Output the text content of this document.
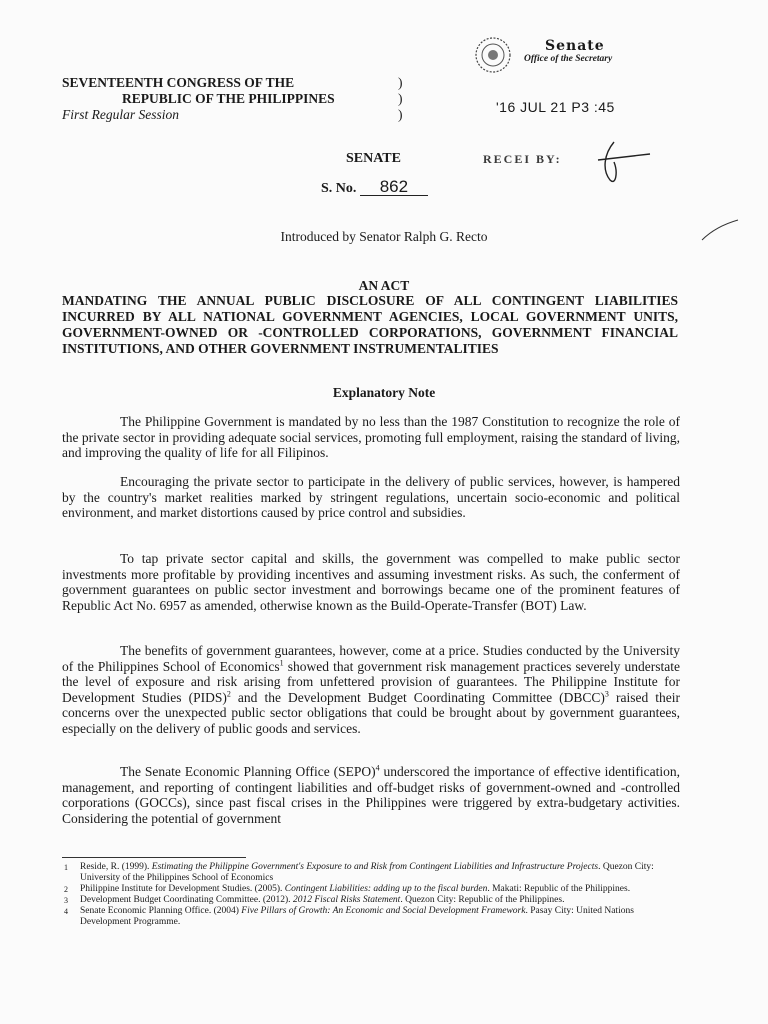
SEVENTEENTH CONGRESS OF THE
REPUBLIC OF THE PHILIPPINES
First Regular Session
)
)
)
Senate
Office of the Secretary
'16 JUL 21 P3 :45
RECEI BY:
SENATE
S. No. 862
Introduced by Senator Ralph G. Recto
AN ACT
MANDATING THE ANNUAL PUBLIC DISCLOSURE OF ALL CONTINGENT LIABILITIES INCURRED BY ALL NATIONAL GOVERNMENT AGENCIES, LOCAL GOVERNMENT UNITS, GOVERNMENT-OWNED OR -CONTROLLED CORPORATIONS, GOVERNMENT FINANCIAL INSTITUTIONS, AND OTHER GOVERNMENT INSTRUMENTALITIES
Explanatory Note
The Philippine Government is mandated by no less than the 1987 Constitution to recognize the role of the private sector in providing adequate social services, promoting full employment, raising the standard of living, and improving the quality of life for all Filipinos.
Encouraging the private sector to participate in the delivery of public services, however, is hampered by the country's market realities marked by stringent regulations, uncertain socio-economic and political environment, and market distortions caused by price control and subsidies.
To tap private sector capital and skills, the government was compelled to make public sector investments more profitable by providing incentives and assuming investment risks. As such, the conferment of government guarantees on public sector investment and borrowings became one of the prominent features of Republic Act No. 6957 as amended, otherwise known as the Build-Operate-Transfer (BOT) Law.
The benefits of government guarantees, however, come at a price. Studies conducted by the University of the Philippines School of Economics$^1$ showed that government risk management practices severely understate the level of exposure and risk arising from unfettered provision of guarantees. The Philippine Institute for Development Studies (PIDS)$^2$ and the Development Budget Coordinating Committee (DBCC)$^3$ raised their concerns over the unexpected public sector obligations that could be brought about by government guarantees, especially on the delivery of public goods and services.
The Senate Economic Planning Office (SEPO)$^4$ underscored the importance of effective identification, management, and reporting of contingent liabilities and off-budget risks of government-owned and -controlled corporations (GOCCs), since past fiscal crises in the Philippines were triggered by extra-budgetary activities. Considering the potential of government
1 Reside, R. (1999). Estimating the Philippine Government's Exposure to and Risk from Contingent Liabilities and Infrastructure Projects. Quezon City: University of the Philippines School of Economics
2 Philippine Institute for Development Studies. (2005). Contingent Liabilities: adding up to the fiscal burden. Makati: Republic of the Philippines.
3 Development Budget Coordinating Committee. (2012). 2012 Fiscal Risks Statement. Quezon City: Republic of the Philippines.
4 Senate Economic Planning Office. (2004) Five Pillars of Growth: An Economic and Social Development Framework. Pasay City: United Nations Development Programme.
